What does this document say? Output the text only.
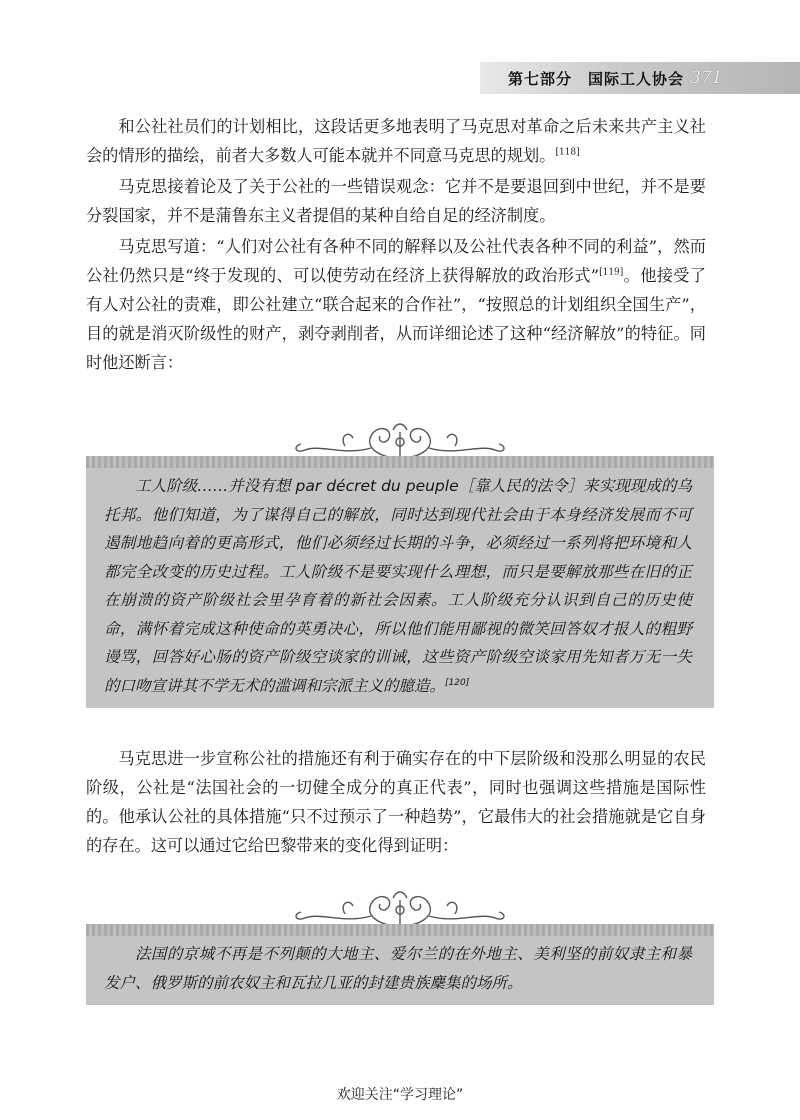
第七部分　国际工人协会 371

和公社社员们的计划相比，这段话更多地表明了马克思对革命之后未来共产主义社会的情形的描绘，前者大多数人可能本就并不同意马克思的规划。[118]

马克思接着论及了关于公社的一些错误观念：它并不是要退回到中世纪，并不是要分裂国家，并不是蒲鲁东主义者提倡的某种自给自足的经济制度。

马克思写道：“人们对公社有各种不同的解释以及公社代表各种不同的利益”，然而公社仍然只是“终于发现的、可以使劳动在经济上获得解放的政治形式”[119]。他接受了有人对公社的责难，即公社建立“联合起来的合作社”，“按照总的计划组织全国生产”，目的就是消灭阶级性的财产，剥夺剥削者，从而详细论述了这种“经济解放”的特征。同时他还断言：

工人阶级……并没有想 par décret du peuple［靠人民的法令］来实现现成的乌托邦。他们知道，为了谋得自己的解放，同时达到现代社会由于本身经济发展而不可遏制地趋向着的更高形式，他们必须经过长期的斗争，必须经过一系列将把环境和人都完全改变的历史过程。工人阶级不是要实现什么理想，而只是要解放那些在旧的正在崩溃的资产阶级社会里孕育着的新社会因素。工人阶级充分认识到自己的历史使命，满怀着完成这种使命的英勇决心，所以他们能用鄙视的微笑回答奴才报人的粗野谩骂，回答好心肠的资产阶级空谈家的训诫，这些资产阶级空谈家用先知者万无一失的口吻宣讲其不学无术的滥调和宗派主义的臆造。[120]

马克思进一步宣称公社的措施还有利于确实存在的中下层阶级和没那么明显的农民阶级，公社是“法国社会的一切健全成分的真正代表”，同时也强调这些措施是国际性的。他承认公社的具体措施“只不过预示了一种趋势”，它最伟大的社会措施就是它自身的存在。这可以通过它给巴黎带来的变化得到证明：

法国的京城不再是不列颠的大地主、爱尔兰的在外地主、美利坚的前奴隶主和暴发户、俄罗斯的前农奴主和瓦拉几亚的封建贵族麇集的场所。

欢迎关注“学习理论”
